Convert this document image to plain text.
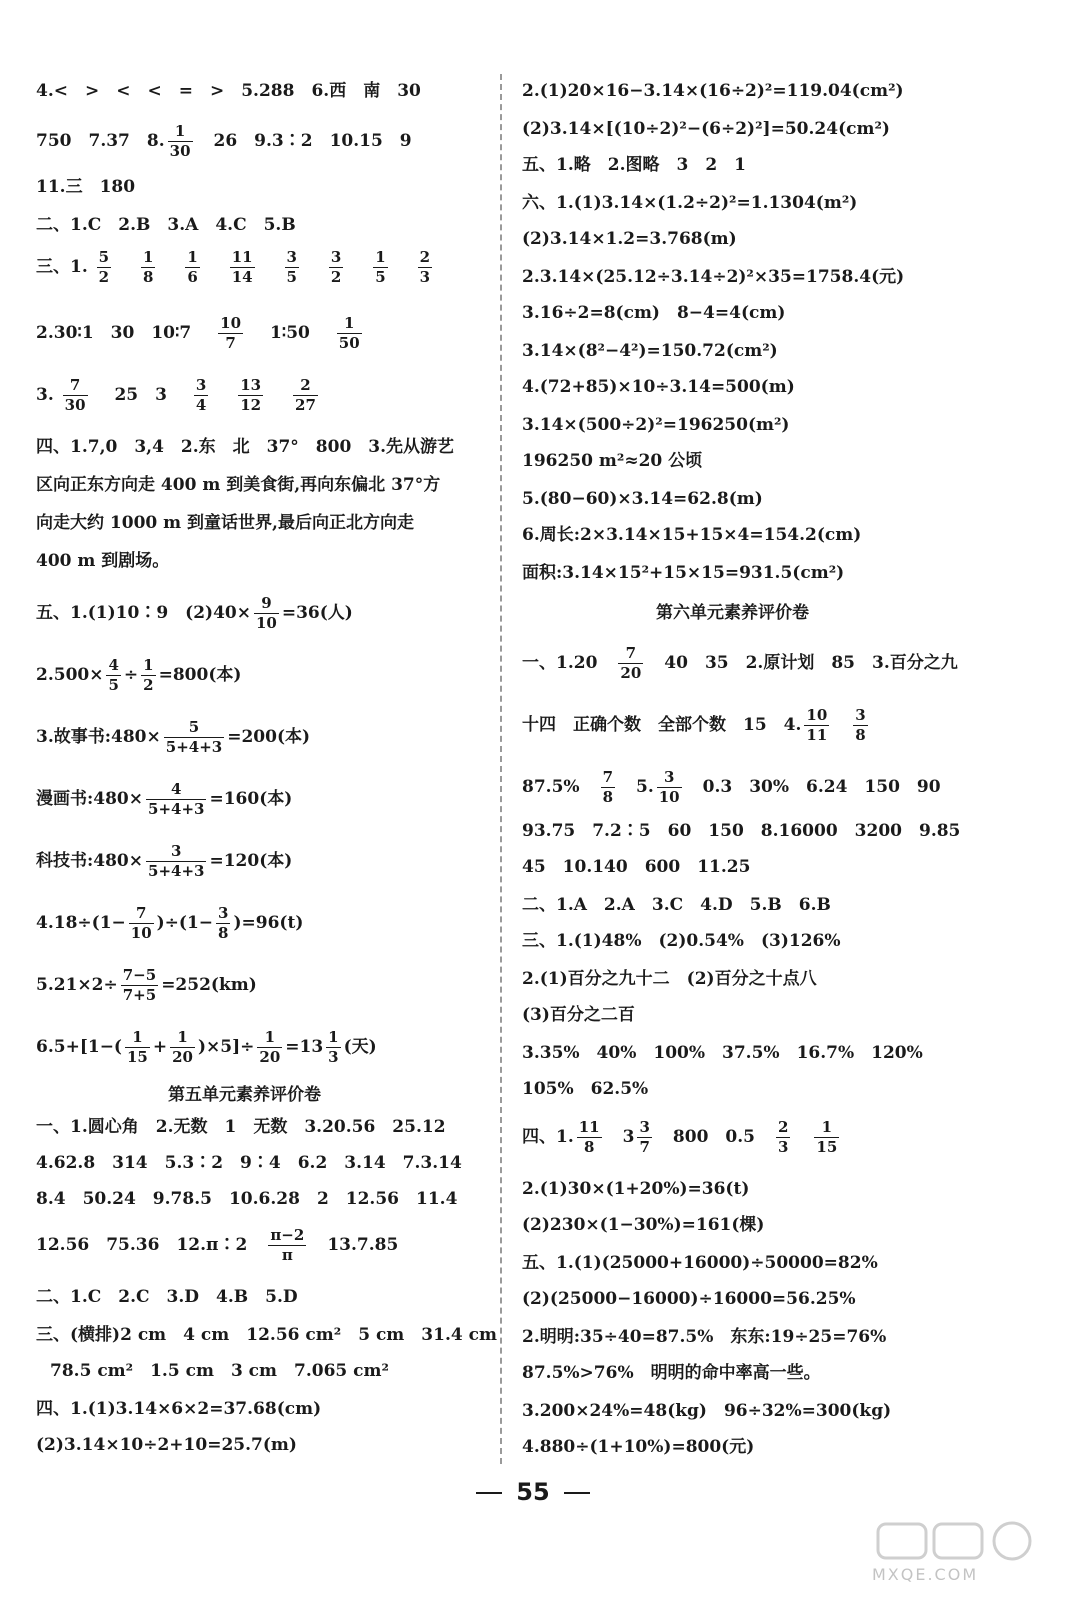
4.<　>　<　<　=　>　5.288　6.西　南　30
750　7.37　8. $\frac{1}{30} 26$　9.3∶2　10.15　9
11.三　180
二、1.C　2.B　3.A　4.C　5.B
三、1. $\frac{5}{2}$
$\frac{1}{8}$
$\frac{1}{6}$
$\frac{11}{14}$
$\frac{3}{5}$
$\frac{3}{2}$
$\frac{1}{5}$
$\frac{2}{3}$
2.30∶1　30　10∶7 $\frac{10}{7}$ 1∶50 $\frac{1}{50}$
3. $\frac{7}{30} 25$　$3 \frac{3}{4}$
$\frac{13}{12}$
$\frac{2}{27}$
四、1.7,0　3,4　2.东　北　37°　800　3.先从游艺
区向正东方向走 400 m 到美食街,再向东偏北 37°方
向走大约 1000 m 到童话世界,最后向正北方向走
400 m 到剧场。
五、1.(1)10∶9　$(2)40\times \frac{9}{10} =36$(人)
$2.500\times \frac{4}{5} \div \frac{1}{2} =800$(本)
3.故事书:480× $\frac{5}{5+4+3} =200$(本)
漫画书:480× $\frac{4}{5+4+3} =160$(本)
科技书:480× $\frac{3}{5+4+3} =120$(本)
$4.18\div(1- \frac{7}{10} )\div(1- \frac{3}{8} )=96(t)$
$5.21\times 2\div \frac{7-5}{7+5} =252(km)$
$6.5+[1-( \frac{1}{15} + \frac{1}{20} )\times 5]\div \frac{1}{20} =13 \frac{1}{3}$ (天)
第五单元素养评价卷
一、1.圆心角　2.无数　1　无数　3.20.56　25.12
4.62.8　314　5.3∶2　9∶4　6.2　3.14　7.3.14
8.4　50.24　9.78.5　10.6.28　2　12.56　11.4
12.56　75.36　12.π∶2 $\frac{\pi-2}{\pi} 13.7.85$
二、1.C　2.C　3.D　4.B　5.D
三、(横排)2 cm　4 cm　12.56 cm²　5 cm　31.4 cm
78.5 cm²　1.5 cm　3 cm　7.065 cm²
四、1.(1)3.14×6×2=37.68(cm)
(2)3.14×10÷2+10=25.7(m)
2.(1)20×16−3.14×(16÷2)²=119.04(cm²)
(2)3.14×[(10÷2)²−(6÷2)²]=50.24(cm²)
五、1.略　2.图略　3　2　1
六、1.(1)3.14×(1.2÷2)²=1.1304(m²)
(2)3.14×1.2=3.768(m)
2.3.14×(25.12÷3.14÷2)²×35=1758.4(元)
3.16÷2=8(cm)　8−4=4(cm)
3.14×(8²−4²)=150.72(cm²)
4.(72+85)×10÷3.14=500(m)
3.14×(500÷2)²=196250(m²)
196250 m²≈20 公顷
5.(80−60)×3.14=62.8(m)
6.周长:2×3.14×15+15×4=154.2(cm)
面积:3.14×15²+15×15=931.5(cm²)
第六单元素养评价卷
一、$1.20 \frac{7}{20} 40$　35　2.原计划　85　3.百分之九
十四　正确个数　全部个数　15　4. $\frac{10}{11} \frac{3}{8}$
$87.5\% \frac{7}{8} 5$. $\frac{3}{10} 0.3$　30%　6.24　150　90
93.75　7.2∶5　60　150　8.16000　3200　9.85
45　10.140　600　11.25
二、1.A　2.A　3.C　4.D　5.B　6.B
三、1.(1)48%　(2)0.54%　(3)126%
2.(1)百分之九十二　(2)百分之十点八
(3)百分之二百
3.35%　40%　100%　37.5%　16.7%　120%
105%　62.5%
四、1. $\frac{11}{8} 3 \frac{3}{7} 800$　$0.5 \frac{2}{3} \frac{1}{15}$
2.(1)30×(1+20%)=36(t)
(2)230×(1−30%)=161(棵)
五、1.(1)(25000+16000)÷50000=82%
(2)(25000−16000)÷16000=56.25%
2.明明:35÷40=87.5%　东东:19÷25=76%
87.5%>76%　明明的命中率高一些。
3.200×24%=48(kg)　96÷32%=300(kg)
4.880÷(1+10%)=800(元)
55
MXQE.COM
